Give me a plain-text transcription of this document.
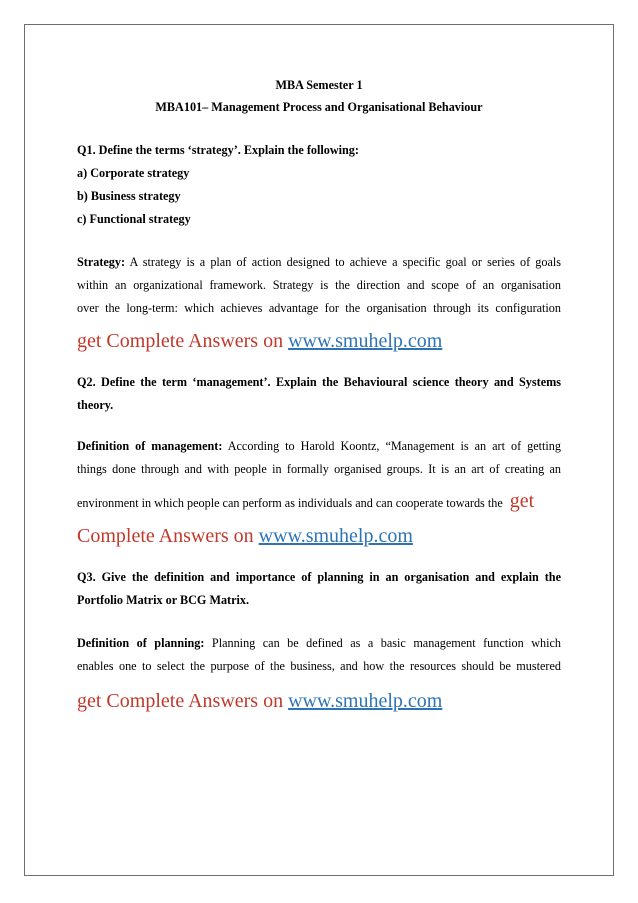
MBA Semester 1
MBA101– Management Process and Organisational Behaviour
Q1. Define the terms ‘strategy’. Explain the following:
a) Corporate strategy
b) Business strategy
c) Functional strategy
Strategy: A strategy is a plan of action designed to achieve a specific goal or series of goals
within an organizational framework. Strategy is the direction and scope of an organisation
over the long-term: which achieves advantage for the organisation through its configuration
get Complete Answers on www.smuhelp.com
Q2. Define the term ‘management’. Explain the Behavioural science theory and Systems
theory.
Definition of management: According to Harold Koontz, “Management is an art of getting
things done through and with people in formally organised groups. It is an art of creating an
environment in which people can perform as individuals and can cooperate towards the get
Complete Answers on www.smuhelp.com
Q3. Give the definition and importance of planning in an organisation and explain the
Portfolio Matrix or BCG Matrix.
Definition of planning: Planning can be defined as a basic management function which
enables one to select the purpose of the business, and how the resources should be mustered
get Complete Answers on www.smuhelp.com
